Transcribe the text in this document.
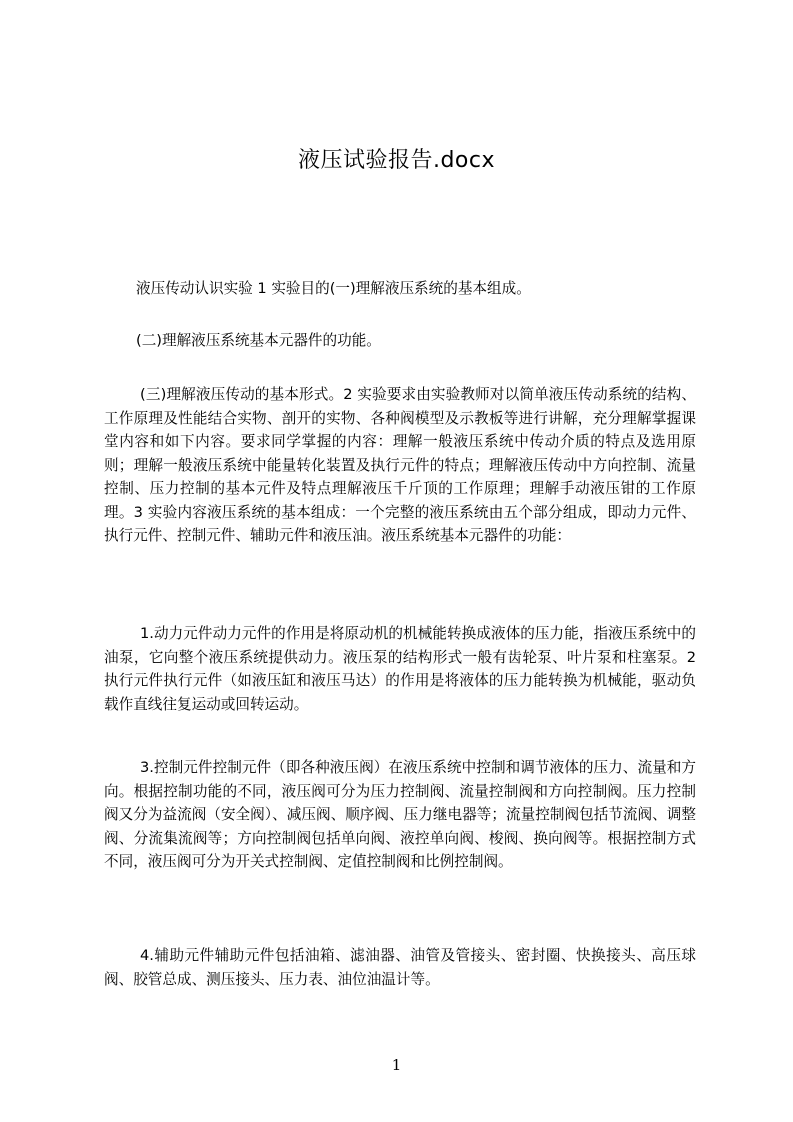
液压试验报告.docx

液压传动认识实验 1 实验目的(一)理解液压系统的基本组成。

(二)理解液压系统基本元器件的功能。

(三)理解液压传动的基本形式。2 实验要求由实验教师对以简单液压传动系统的结构、工作原理及性能结合实物、剖开的实物、各种阀模型及示教板等进行讲解，充分理解掌握课堂内容和如下内容。要求同学掌握的内容：理解一般液压系统中传动介质的特点及选用原则；理解一般液压系统中能量转化装置及执行元件的特点；理解液压传动中方向控制、流量控制、压力控制的基本元件及特点理解液压千斤顶的工作原理；理解手动液压钳的工作原理。3 实验内容液压系统的基本组成：一个完整的液压系统由五个部分组成，即动力元件、执行元件、控制元件、辅助元件和液压油。液压系统基本元器件的功能：

1.动力元件动力元件的作用是将原动机的机械能转换成液体的压力能，指液压系统中的油泵，它向整个液压系统提供动力。液压泵的结构形式一般有齿轮泵、叶片泵和柱塞泵。2 执行元件执行元件（如液压缸和液压马达）的作用是将液体的压力能转换为机械能，驱动负载作直线往复运动或回转运动。

3.控制元件控制元件（即各种液压阀）在液压系统中控制和调节液体的压力、流量和方向。根据控制功能的不同，液压阀可分为压力控制阀、流量控制阀和方向控制阀。压力控制阀又分为益流阀（安全阀）、减压阀、顺序阀、压力继电器等；流量控制阀包括节流阀、调整阀、分流集流阀等；方向控制阀包括单向阀、液控单向阀、梭阀、换向阀等。根据控制方式不同，液压阀可分为开关式控制阀、定值控制阀和比例控制阀。

4.辅助元件辅助元件包括油箱、滤油器、油管及管接头、密封圈、快换接头、高压球阀、胶管总成、测压接头、压力表、油位油温计等。

1
